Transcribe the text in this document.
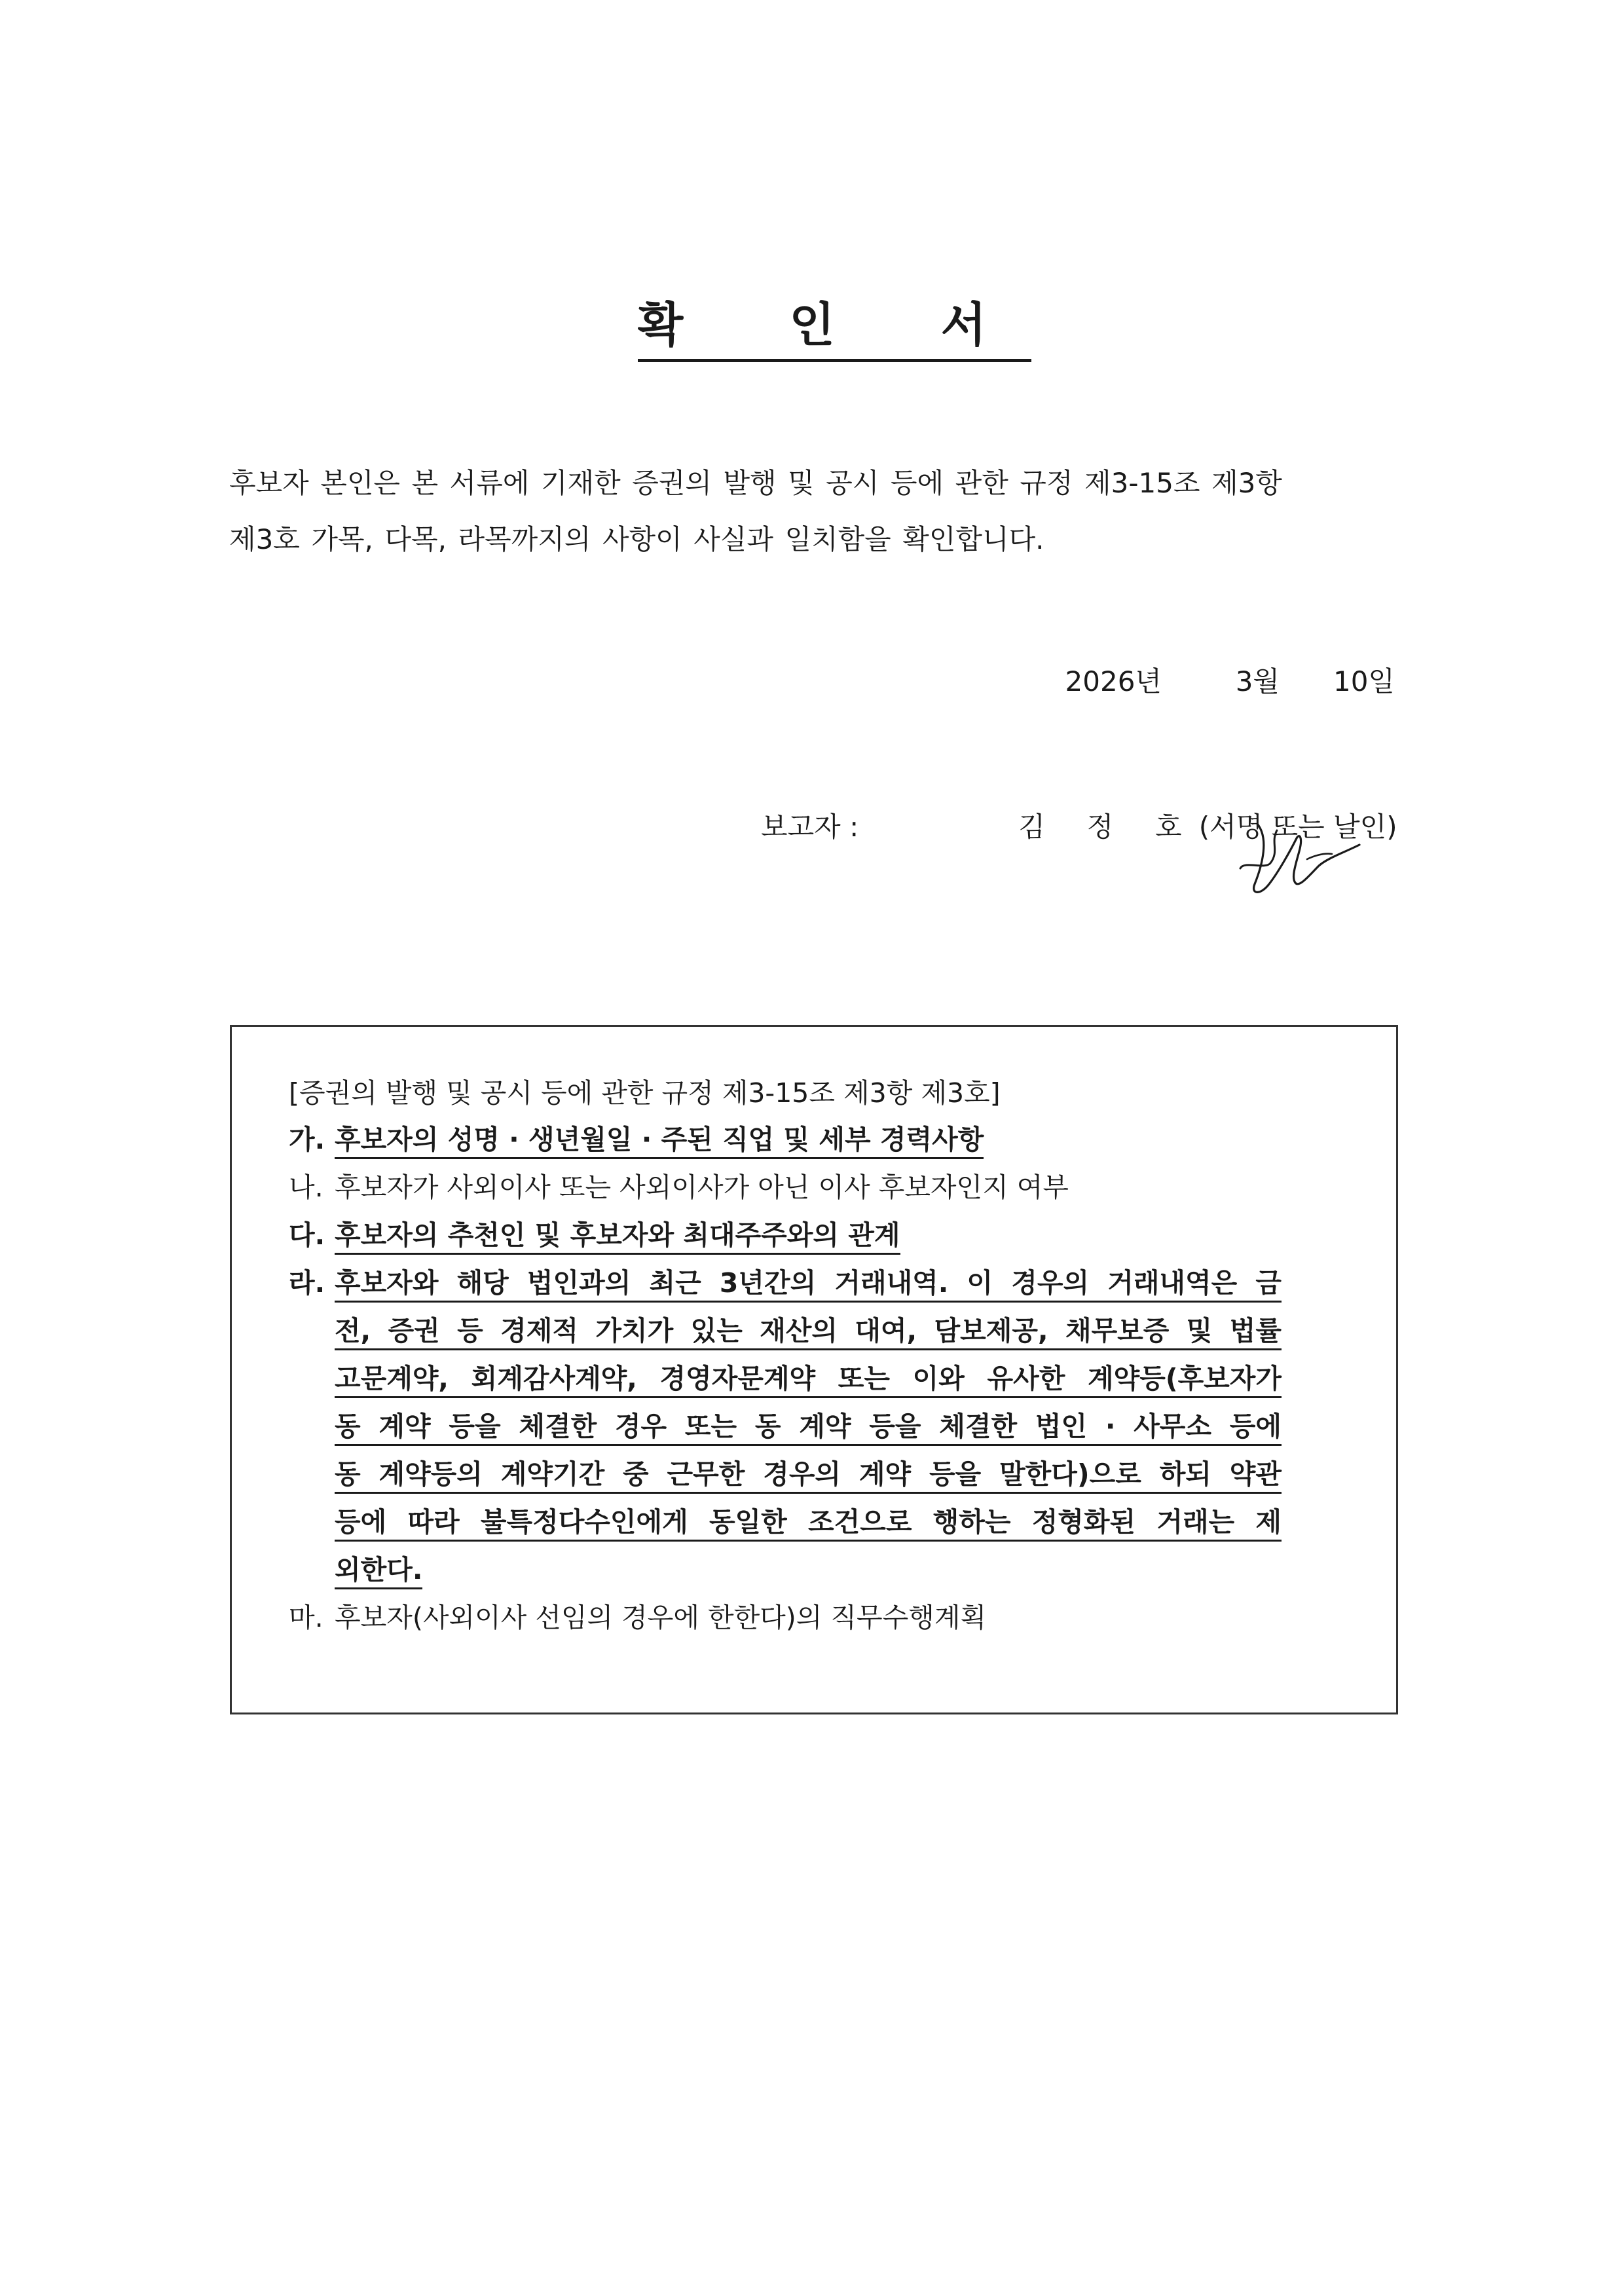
확 인 서

후보자 본인은 본 서류에 기재한 증권의 발행 및 공시 등에 관한 규정 제3-15조 제3항

제3호 가목, 다목, 라목까지의 사항이 사실과 일치함을 확인합니다.

2026년	3월	10일
보고자 :	김 정 호 (서명 또는 날인)

[증권의 발행 및 공시 등에 관한 규정 제3-15조 제3항 제3호]

가. 후보자의 성명 · 생년월일 · 주된 직업 및 세부 경력사항
나. 후보자가 사외이사 또는 사외이사가 아닌 이사 후보자인지 여부
다. 후보자의 추천인 및 후보자와 최대주주와의 관계
라. 후보자와 해당 법인과의 최근 3년간의 거래내역. 이 경우의 거래내역은 금
전, 증권 등 경제적 가치가 있는 재산의 대여, 담보제공, 채무보증 및 법률
고문계약, 회계감사계약, 경영자문계약 또는 이와 유사한 계약등(후보자가
동 계약 등을 체결한 경우 또는 동 계약 등을 체결한 법인 · 사무소 등에
동 계약등의 계약기간 중 근무한 경우의 계약 등을 말한다)으로 하되 약관
등에 따라 불특정다수인에게 동일한 조건으로 행하는 정형화된 거래는 제
외한다.
마. 후보자(사외이사 선임의 경우에 한한다)의 직무수행계획
